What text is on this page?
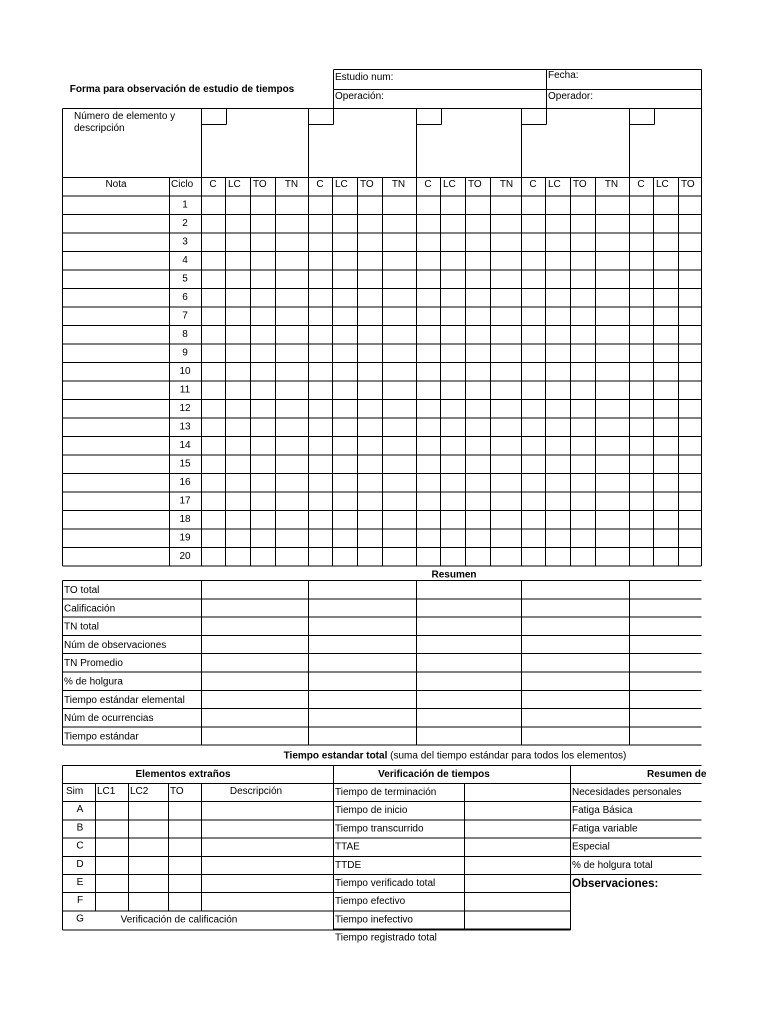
Forma para observación de estudio de tiempos
Estudio num:	Fecha:
Operación:	Operador:
Número de elemento y
descripción
Nota	Ciclo C LC TO TN C LC TO TN C LC TO TN C LC TO TN C LC TO
1
2
3
4
5
6
7
8
9
10
11
12
13
14
15
16
17
18
19
20
Resumen
TO total
Calificación
TN total
Núm de observaciones
TN Promedio
% de holgura
Tiempo estándar elemental
Núm de ocurrencias
Tiempo estándar
Tiempo estandar total (suma del tiempo estándar para todos los elementos)
Elementos extraños
Sim LC1 LC2 TO	Descripción
A
B
C
D
E
F
G	Verificación de calificación
Verificación de tiempos
Tiempo de terminación
Tiempo de inicio
Tiempo transcurrido
TTAE
TTDE
Tiempo verificado total
Tiempo efectivo
Tiempo inefectivo
Tiempo registrado total
Resumen de
Necesidades personales
Fatiga Básica
Fatiga variable
Especial
% de holgura total
Observaciones:
